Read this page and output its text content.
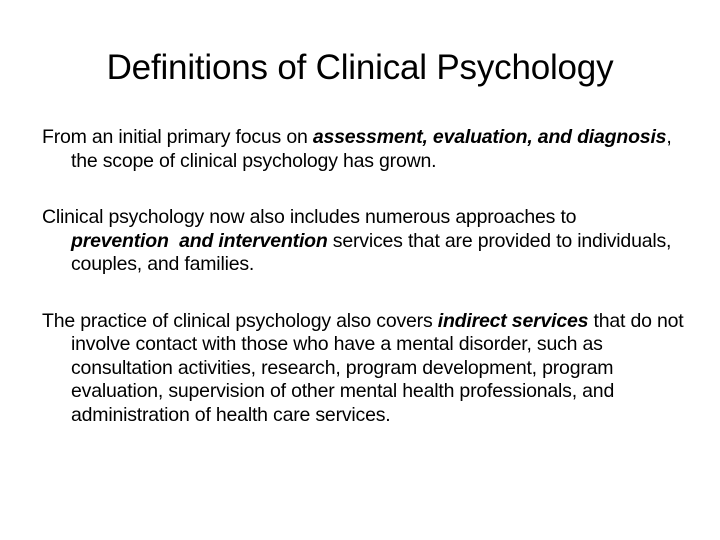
Definitions of Clinical Psychology

From an initial primary focus on assessment, evaluation, and diagnosis, the scope of clinical psychology has grown.

Clinical psychology now also includes numerous approaches to prevention  and intervention services that are provided to individuals, couples, and families.

The practice of clinical psychology also covers indirect services that do not involve contact with those who have a mental disorder, such as consultation activities, research, program development, program evaluation, supervision of other mental health professionals, and administration of health care services.
